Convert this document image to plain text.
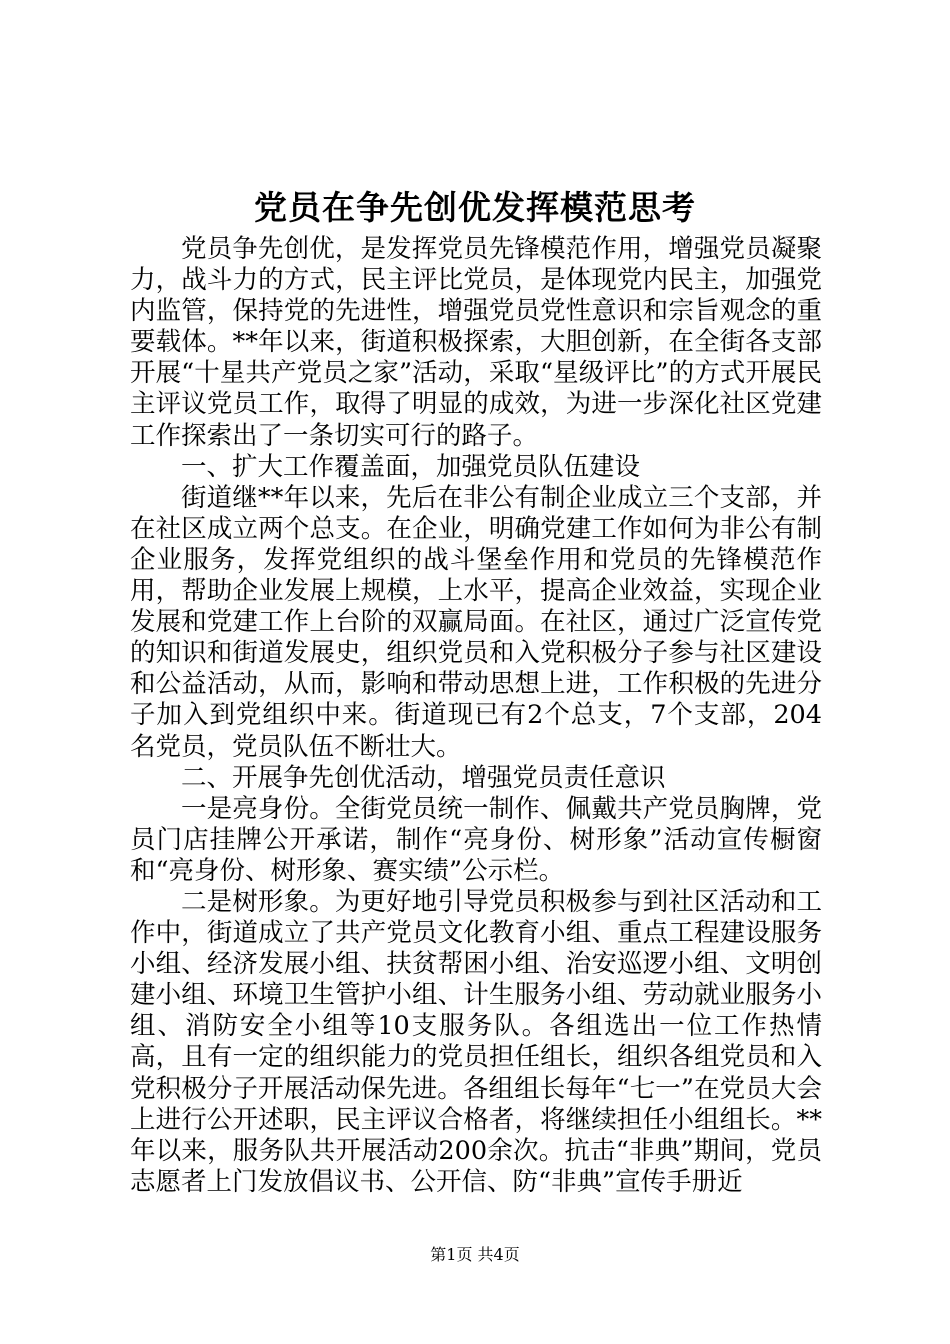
党员在争先创优发挥模范思考

党员争先创优，是发挥党员先锋模范作用，增强党员凝聚力，战斗力的方式，民主评比党员，是体现党内民主，加强党内监管，保持党的先进性，增强党员党性意识和宗旨观念的重要载体。**年以来，街道积极探索，大胆创新，在全街各支部开展“十星共产党员之家”活动，采取“星级评比”的方式开展民主评议党员工作，取得了明显的成效，为进一步深化社区党建工作探索出了一条切实可行的路子。

一、扩大工作覆盖面，加强党员队伍建设

街道继**年以来，先后在非公有制企业成立三个支部，并在社区成立两个总支。在企业，明确党建工作如何为非公有制企业服务，发挥党组织的战斗堡垒作用和党员的先锋模范作用，帮助企业发展上规模，上水平，提高企业效益，实现企业发展和党建工作上台阶的双赢局面。在社区，通过广泛宣传党的知识和街道发展史，组织党员和入党积极分子参与社区建设和公益活动，从而，影响和带动思想上进，工作积极的先进分子加入到党组织中来。街道现已有2个总支，7个支部，204名党员，党员队伍不断壮大。

二、开展争先创优活动，增强党员责任意识

一是亮身份。全街党员统一制作、佩戴共产党员胸牌，党员门店挂牌公开承诺，制作“亮身份、树形象”活动宣传橱窗和“亮身份、树形象、赛实绩”公示栏。

二是树形象。为更好地引导党员积极参与到社区活动和工作中，街道成立了共产党员文化教育小组、重点工程建设服务小组、经济发展小组、扶贫帮困小组、治安巡逻小组、文明创建小组、环境卫生管护小组、计生服务小组、劳动就业服务小组、消防安全小组等10支服务队。各组选出一位工作热情高，且有一定的组织能力的党员担任组长，组织各组党员和入党积极分子开展活动保先进。各组组长每年“七一”在党员大会上进行公开述职，民主评议合格者，将继续担任小组组长。**年以来，服务队共开展活动200余次。抗击“非典”期间，党员志愿者上门发放倡议书、公开信、防“非典”宣传手册近

第1页 共4页
